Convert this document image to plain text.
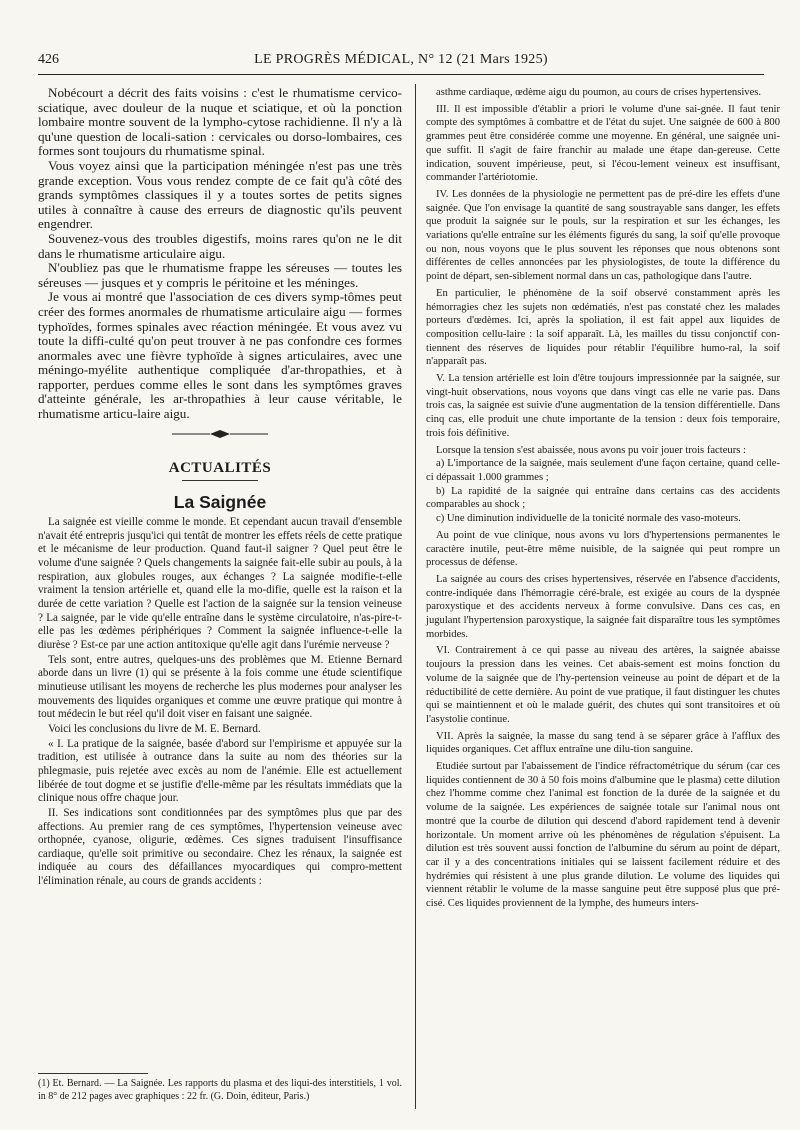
426	LE PROGRÈS MÉDICAL, N° 12 (21 Mars 1925)

Nobécourt a décrit des faits voisins : c'est le rhumatisme cervico-sciatique, avec douleur de la nuque et sciatique, et où la ponction lombaire montre souvent de la lympho-cytose rachidienne. Il n'y a là qu'une question de locali-sation : cervicales ou dorso-lombaires, ces formes sont toujours du rhumatisme spinal.

Vous voyez ainsi que la participation méningée n'est pas une très grande exception. Vous vous rendez compte de ce fait qu'à côté des grands symptômes classiques il y a toutes sortes de petits signes utiles à connaître à cause des erreurs de diagnostic qu'ils peuvent engendrer.

Souvenez-vous des troubles digestifs, moins rares qu'on ne le dit dans le rhumatisme articulaire aigu.

N'oubliez pas que le rhumatisme frappe les séreuses — toutes les séreuses — jusques et y compris le péritoine et les méninges.

Je vous ai montré que l'association de ces divers symp-tômes peut créer des formes anormales de rhumatisme articulaire aigu — formes typhoïdes, formes spinales avec réaction méningée. Et vous avez vu toute la diffi-culté qu'on peut trouver à ne pas confondre ces formes anormales avec une fièvre typhoïde à signes articulaires, avec une méningo-myélite authentique compliquée d'ar-thropathies, et à rapporter, perdues comme elles le sont dans les symptômes graves d'atteinte générale, les ar-thropathies à leur cause véritable, le rhumatisme articu-laire aigu.

ACTUALITÉS
La Saignée

La saignée est vieille comme le monde. Et cependant aucun travail d'ensemble n'avait été entrepris jusqu'ici qui tentât de montrer les effets réels de cette pratique et le mécanisme de leur production. Quand faut-il saigner ? Quel peut être le volume d'une saignée ? Quels changements la saignée fait-elle subir au pouls, à la respiration, aux globules rouges, aux échanges ? La saignée modifie-t-elle vraiment la tension artérielle et, quand elle la mo-difie, quelle est la raison et la durée de cette variation ? Quelle est l'action de la saignée sur la tension veineuse ? La saignée, par le vide qu'elle entraîne dans le système circulatoire, n'as-pire-t-elle pas les œdèmes périphériques ? Comment la saignée influence-t-elle la diurèse ? Est-ce par une action antitoxique qu'elle agit dans l'urémie nerveuse ?

Tels sont, entre autres, quelques-uns des problèmes que M. Etienne Bernard aborde dans un livre (1) qui se présente à la fois comme une étude scientifique minutieuse utilisant les moyens de recherche les plus modernes pour analyser les mouvements des liquides organiques et comme une œuvre pratique qui montre à tout médecin le but réel qu'il doit viser en faisant une saignée.

Voici les conclusions du livre de M. E. Bernard.

« I. La pratique de la saignée, basée d'abord sur l'empirisme et appuyée sur la tradition, est utilisée à outrance dans la suite au nom des théories sur la phlegmasie, puis rejetée avec excès au nom de l'anémie. Elle est actuellement libérée de tout dogme et se justifie d'elle-même par les résultats immédiats que la clinique nous offre chaque jour.

II. Ses indications sont conditionnées par des symptômes plus que par des affections. Au premier rang de ces symptômes, l'hypertension veineuse avec orthopnée, cyanose, oligurie, œdèmes. Ces signes traduisent l'insuffisance cardiaque, qu'elle soit primitive ou secondaire. Chez les rénaux, la saignée est indiquée au cours des défaillances myocardiques qui compro-mettent l'élimination rénale, au cours de grands accidents :

(1) Et. Bernard. — La Saignée. Les rapports du plasma et des liqui-des interstitiels, 1 vol. in 8° de 212 pages avec graphiques : 22 fr. (G. Doin, éditeur, Paris.)

asthme cardiaque, œdème aigu du poumon, au cours de crises hypertensives.

III. Il est impossible d'établir a priori le volume d'une sai-gnée. Il faut tenir compte des symptômes à combattre et de l'état du sujet. Une saignée de 600 à 800 grammes peut être considérée comme une moyenne. En général, une saignée uni-que suffit. Il s'agit de faire franchir au malade une étape dan-gereuse. Cette indication, souvent impérieuse, peut, si l'écou-lement veineux est insuffisant, commander l'artériotomie.

IV. Les données de la physiologie ne permettent pas de pré-dire les effets d'une saignée. Que l'on envisage la quantité de sang soustrayable sans danger, les effets que produit la saignée sur le pouls, sur la respiration et sur les échanges, les variations qu'elle entraîne sur les éléments figurés du sang, la soif qu'elle provoque ou non, nous voyons que le plus souvent les réponses que nous obtenons sont différentes de celles annoncées par les physiologistes, de toute la différence du point de départ, sen-siblement normal dans un cas, pathologique dans l'autre.

En particulier, le phénomène de la soif observé constamment après les hémorragies chez les sujets non œdématiés, n'est pas constaté chez les malades porteurs d'œdèmes. Ici, après la spoliation, il est fait appel aux liquides de composition cellu-laire : la soif apparaît. Là, les mailles du tissu conjonctif con-tiennent des réserves de liquides pour rétablir l'équilibre humo-ral, la soif n'apparaît pas.

V. La tension artérielle est loin d'être toujours impressionnée par la saignée, sur vingt-huit observations, nous voyons que dans vingt cas elle ne varie pas. Dans trois cas, la saignée est suivie d'une augmentation de la tension différentielle. Dans cinq cas, elle produit une chute importante de la tension : deux fois temporaire, trois fois définitive.

Lorsque la tension s'est abaissée, nous avons pu voir jouer trois facteurs :

a) L'importance de la saignée, mais seulement d'une façon certaine, quand celle-ci dépassait 1.000 grammes ;

b) La rapidité de la saignée qui entraîne dans certains cas des accidents comparables au shock ;

c) Une diminution individuelle de la tonicité normale des vaso-moteurs.

Au point de vue clinique, nous avons vu lors d'hypertensions permanentes le caractère inutile, peut-être même nuisible, de la saignée qui peut rompre un processus de défense.

La saignée au cours des crises hypertensives, réservée en l'absence d'accidents, contre-indiquée dans l'hémorragie céré-brale, est exigée au cours de la dyspnée paroxystique et des accidents nerveux à forme convulsive. Dans ces cas, en jugulant l'hypertension paroxystique, la saignée fait disparaître tous les symptômes morbides.

VI. Contrairement à ce qui passe au niveau des artères, la saignée abaisse toujours la pression dans les veines. Cet abais-sement est moins fonction du volume de la saignée que de l'hy-pertension veineuse au point de départ et de la réductibilité de cette dernière. Au point de vue pratique, il faut distinguer les chutes qui se maintiennent et où le malade guérit, des chutes qui sont transitoires et où l'asystolie continue.

VII. Après la saignée, la masse du sang tend à se séparer grâce à l'afflux des liquides organiques. Cet afflux entraîne une dilu-tion sanguine.

Etudiée surtout par l'abaissement de l'indice réfractométrique du sérum (car ces liquides contiennent de 30 à 50 fois moins d'albumine que le plasma) cette dilution chez l'homme comme chez l'animal est fonction de la durée de la saignée et du volume de la saignée. Les expériences de saignée totale sur l'animal nous ont montré que la courbe de dilution qui descend d'abord rapidement tend à devenir horizontale. Un moment arrive où les phénomènes de régulation s'épuisent. La dilution est très souvent aussi fonction de l'albumine du sérum au point de départ, car il y a des concentrations initiales qui se laissent facilement réduire et des hydrémies qui résistent à une plus grande dilution. Le volume des liquides qui viennent rétablir le volume de la masse sanguine peut être supposé plus que pré-cisé. Ces liquides proviennent de la lymphe, des humeurs inters-
